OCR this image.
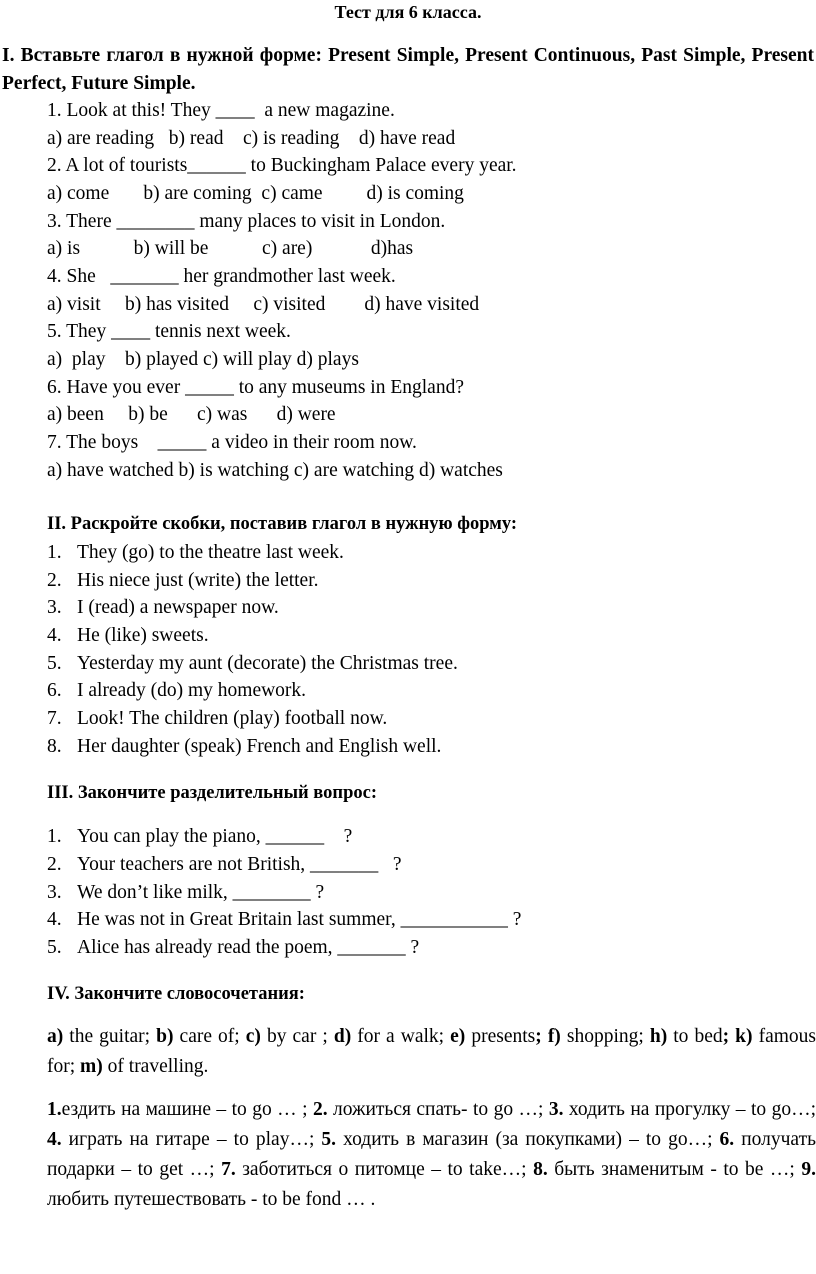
Тест для 6 класса.
I. Вставьте глагол в нужной форме: Present Simple, Present Continuous, Past Simple, Present Perfect, Future Simple.
1. Look at this! They ____  a new magazine.
a) are reading   b) read    c) is reading    d) have read
2. A lot of tourists______ to Buckingham Palace every year.
a) come       b) are coming  c) came         d) is coming
3. There ________ many places to visit in London.
a) is           b) will be           c) are)            d)has
4. She   _______ her grandmother last week.
a) visit     b) has visited     c) visited        d) have visited
5. They ____ tennis next week.
a)  play    b) played c) will play d) plays
6. Have you ever _____ to any museums in England?
a) been     b) be      c) was      d) were
7. The boys    _____ a video in their room now.
a) have watched b) is watching c) are watching d) watches
II. Раскройте скобки, поставив глагол в нужную форму:
1. They (go) to the theatre last week.
2. His niece just (write) the letter.
3. I (read) a newspaper now.
4. He (like) sweets.
5. Yesterday my aunt (decorate) the Christmas tree.
6. I already (do) my homework.
7. Look! The children (play) football now.
8. Her daughter (speak) French and English well.
III. Закончите разделительный вопрос:
1. You can play the piano, ______    ?
2. Your teachers are not British, _______   ?
3. We don’t like milk, ________ ?
4. He was not in Great Britain last summer, ___________ ?
5. Alice has already read the poem, _______ ?
IV. Закончите словосочетания:
a) the guitar; b) care of; c) by car ; d) for a walk; e) presents; f) shopping; h) to bed; k) famous for; m) of travelling.
1.ездить на машине – to go … ; 2. ложиться спать- to go …; 3. ходить на прогулку – to go…; 4. играть на гитаре – to play…; 5. ходить в магазин (за покупками) – to go…; 6. получать подарки – to get …; 7. заботиться о питомце – to take…; 8. быть знаменитым - to be …; 9. любить путешествовать - to be fond … .
